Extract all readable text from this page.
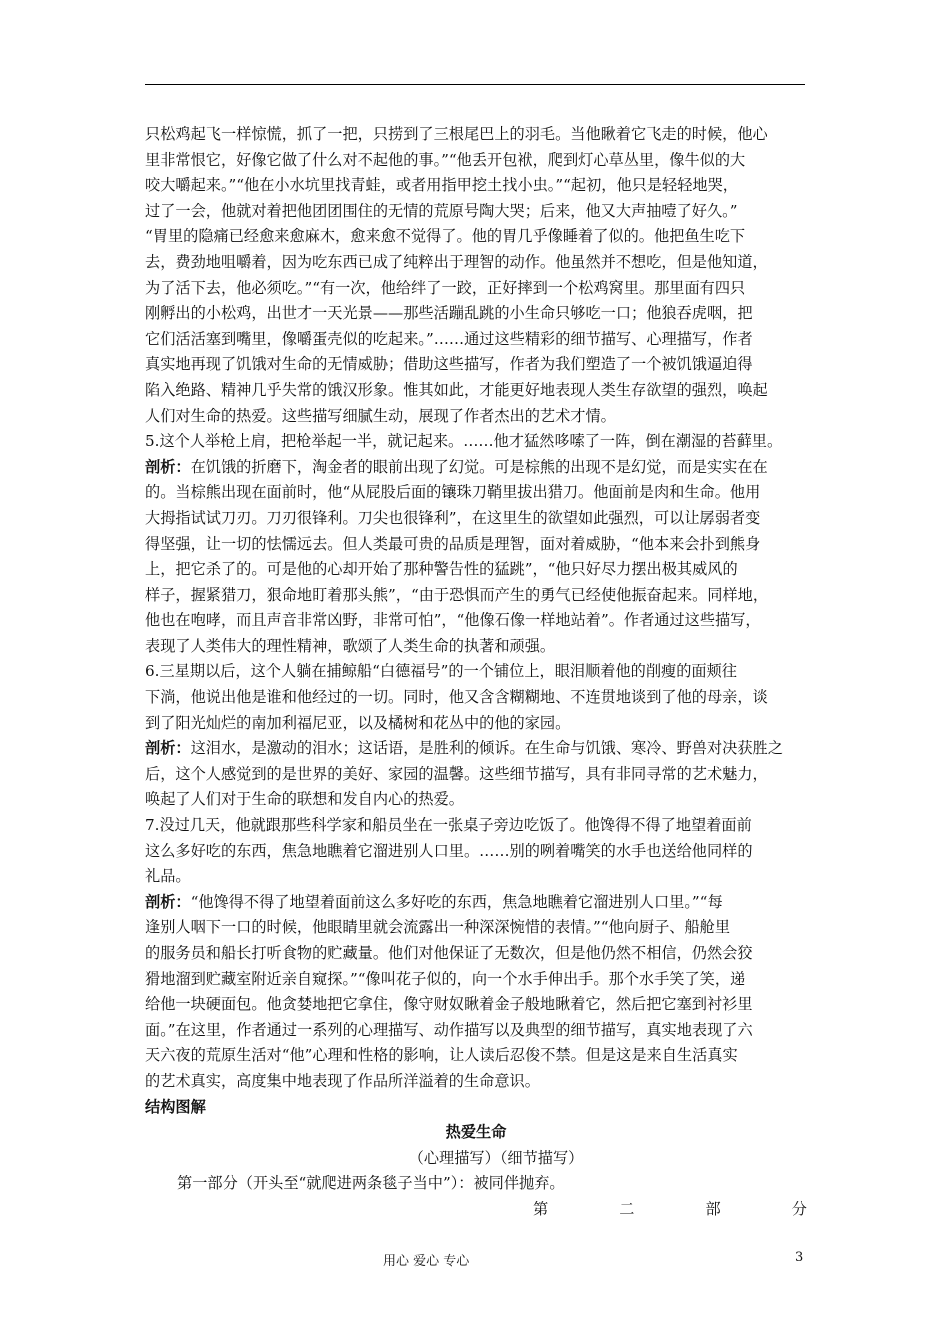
只松鸡起飞一样惊慌，抓了一把，只捞到了三根尾巴上的羽毛。当他瞅着它飞走的时候，他心
里非常恨它，好像它做了什么对不起他的事。”“他丢开包袱，爬到灯心草丛里，像牛似的大
咬大嚼起来。”“他在小水坑里找青蛙，或者用指甲挖土找小虫。”“起初，他只是轻轻地哭，
过了一会，他就对着把他团团围住的无情的荒原号陶大哭；后来，他又大声抽噎了好久。”
“胃里的隐痛已经愈来愈麻木，愈来愈不觉得了。他的胃几乎像睡着了似的。他把鱼生吃下
去，费劲地咀嚼着，因为吃东西已成了纯粹出于理智的动作。他虽然并不想吃，但是他知道，
为了活下去，他必须吃。”“有一次，他给绊了一跤，正好摔到一个松鸡窝里。那里面有四只
刚孵出的小松鸡，出世才一天光景——那些活蹦乱跳的小生命只够吃一口；他狼吞虎咽，把
它们活活塞到嘴里，像嚼蛋壳似的吃起来。”……通过这些精彩的细节描写、心理描写，作者
真实地再现了饥饿对生命的无情威胁；借助这些描写，作者为我们塑造了一个被饥饿逼迫得
陷入绝路、精神几乎失常的饿汉形象。惟其如此，才能更好地表现人类生存欲望的强烈，唤起
人们对生命的热爱。这些描写细腻生动，展现了作者杰出的艺术才情。
5.这个人举枪上肩，把枪举起一半，就记起来。……他才猛然哆嗦了一阵，倒在潮湿的苔藓里。
剖析：在饥饿的折磨下，淘金者的眼前出现了幻觉。可是棕熊的出现不是幻觉，而是实实在在
的。当棕熊出现在面前时，他“从屁股后面的镶珠刀鞘里拔出猎刀。他面前是肉和生命。他用
大拇指试试刀刃。刀刃很锋利。刀尖也很锋利”，在这里生的欲望如此强烈，可以让孱弱者变
得坚强，让一切的怯懦远去。但人类最可贵的品质是理智，面对着威胁，“他本来会扑到熊身
上，把它杀了的。可是他的心却开始了那种警告性的猛跳”，“他只好尽力摆出极其威风的
样子，握紧猎刀，狠命地盯着那头熊”，“由于恐惧而产生的勇气已经使他振奋起来。同样地，
他也在咆哮，而且声音非常凶野，非常可怕”，“他像石像一样地站着”。作者通过这些描写，
表现了人类伟大的理性精神，歌颂了人类生命的执著和顽强。
6.三星期以后，这个人躺在捕鲸船“白德福号”的一个铺位上，眼泪顺着他的削瘦的面颊往
下淌，他说出他是谁和他经过的一切。同时，他又含含糊糊地、不连贯地谈到了他的母亲，谈
到了阳光灿烂的南加利福尼亚，以及橘树和花丛中的他的家园。
剖析：这泪水，是激动的泪水；这话语，是胜利的倾诉。在生命与饥饿、寒冷、野兽对决获胜之
后，这个人感觉到的是世界的美好、家园的温馨。这些细节描写，具有非同寻常的艺术魅力，
唤起了人们对于生命的联想和发自内心的热爱。
7.没过几天，他就跟那些科学家和船员坐在一张桌子旁边吃饭了。他馋得不得了地望着面前
这么多好吃的东西，焦急地瞧着它溜进别人口里。……别的咧着嘴笑的水手也送给他同样的
礼品。
剖析：“他馋得不得了地望着面前这么多好吃的东西，焦急地瞧着它溜进别人口里。”“每
逢别人咽下一口的时候，他眼睛里就会流露出一种深深惋惜的表情。”“他向厨子、船舱里
的服务员和船长打听食物的贮藏量。他们对他保证了无数次，但是他仍然不相信，仍然会狡
猾地溜到贮藏室附近亲自窥探。”“像叫花子似的，向一个水手伸出手。那个水手笑了笑，递
给他一块硬面包。他贪婪地把它拿住，像守财奴瞅着金子般地瞅着它，然后把它塞到衬衫里
面。”在这里，作者通过一系列的心理描写、动作描写以及典型的细节描写，真实地表现了六
天六夜的荒原生活对“他”心理和性格的影响，让人读后忍俊不禁。但是这是来自生活真实
的艺术真实，高度集中地表现了作品所洋溢着的生命意识。
结构图解
热爱生命
（心理描写）（细节描写）
第一部分（开头至“就爬进两条毯子当中”）：被同伴抛弃。
第	二	部	分
用心 爱心 专心	3
